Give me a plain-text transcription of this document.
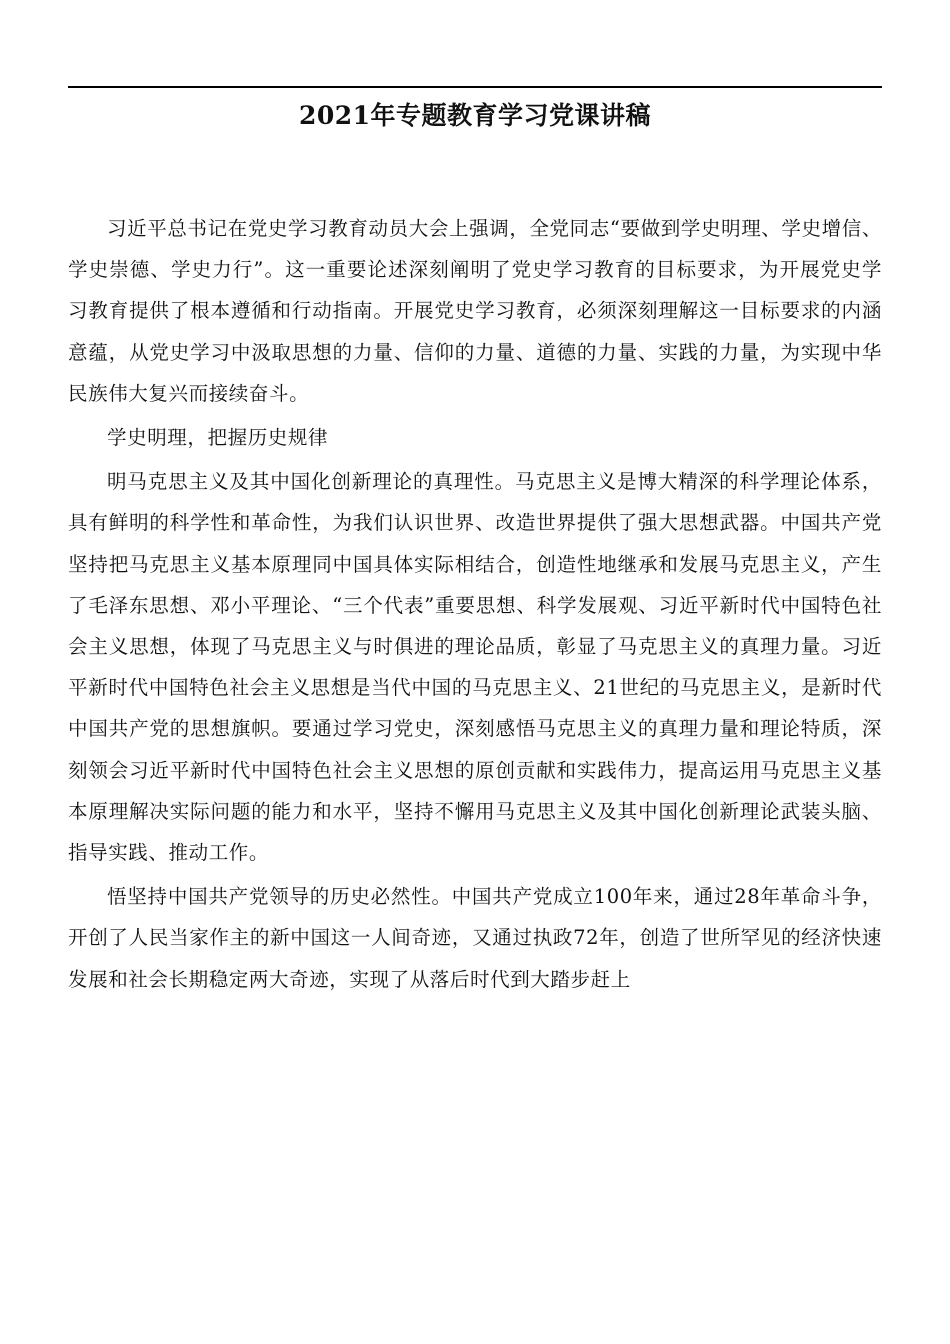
2021年专题教育学习党课讲稿

习近平总书记在党史学习教育动员大会上强调，全党同志“要做到学史明理、学史增信、学史崇德、学史力行”。这一重要论述深刻阐明了党史学习教育的目标要求，为开展党史学习教育提供了根本遵循和行动指南。开展党史学习教育，必须深刻理解这一目标要求的内涵意蕴，从党史学习中汲取思想的力量、信仰的力量、道德的力量、实践的力量，为实现中华民族伟大复兴而接续奋斗。

学史明理，把握历史规律

明马克思主义及其中国化创新理论的真理性。马克思主义是博大精深的科学理论体系，具有鲜明的科学性和革命性，为我们认识世界、改造世界提供了强大思想武器。中国共产党坚持把马克思主义基本原理同中国具体实际相结合，创造性地继承和发展马克思主义，产生了毛泽东思想、邓小平理论、“三个代表”重要思想、科学发展观、习近平新时代中国特色社会主义思想，体现了马克思主义与时俱进的理论品质，彰显了马克思主义的真理力量。习近平新时代中国特色社会主义思想是当代中国的马克思主义、21世纪的马克思主义，是新时代中国共产党的思想旗帜。要通过学习党史，深刻感悟马克思主义的真理力量和理论特质，深刻领会习近平新时代中国特色社会主义思想的原创贡献和实践伟力，提高运用马克思主义基本原理解决实际问题的能力和水平，坚持不懈用马克思主义及其中国化创新理论武装头脑、指导实践、推动工作。

悟坚持中国共产党领导的历史必然性。中国共产党成立100年来，通过28年革命斗争，开创了人民当家作主的新中国这一人间奇迹，又通过执政72年，创造了世所罕见的经济快速发展和社会长期稳定两大奇迹，实现了从落后时代到大踏步赶上
